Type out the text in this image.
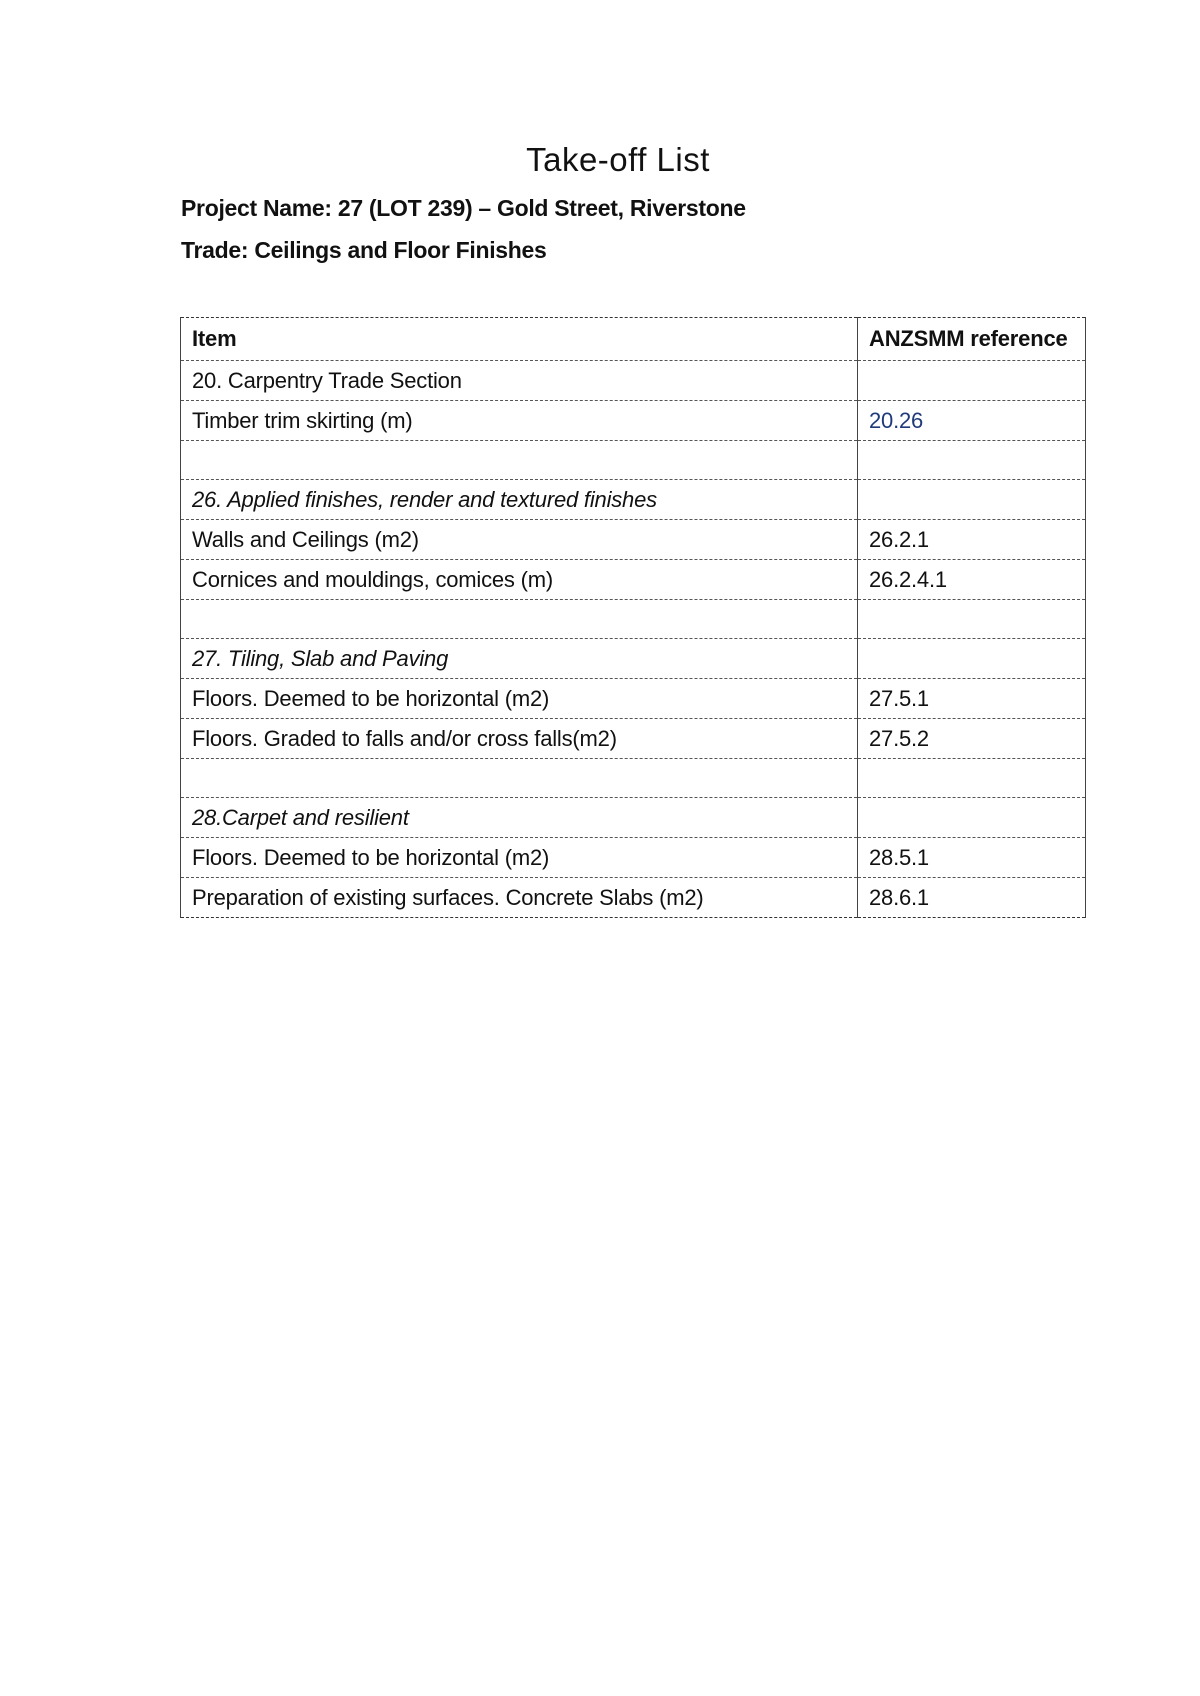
Take-off List

Project Name: 27 (LOT 239) – Gold Street, Riverstone

Trade: Ceilings and Floor Finishes

Item	ANZSMM reference
20. Carpentry Trade Section	
Timber trim skirting (m)	20.26

26. Applied finishes, render and textured finishes	
Walls and Ceilings (m2)	26.2.1
Cornices and mouldings, comices (m)	26.2.4.1

27. Tiling, Slab and Paving	
Floors. Deemed to be horizontal (m2)	27.5.1
Floors. Graded to falls and/or cross falls(m2)	27.5.2

28.Carpet and resilient	
Floors. Deemed to be horizontal (m2)	28.5.1
Preparation of existing surfaces. Concrete Slabs (m2)	28.6.1
